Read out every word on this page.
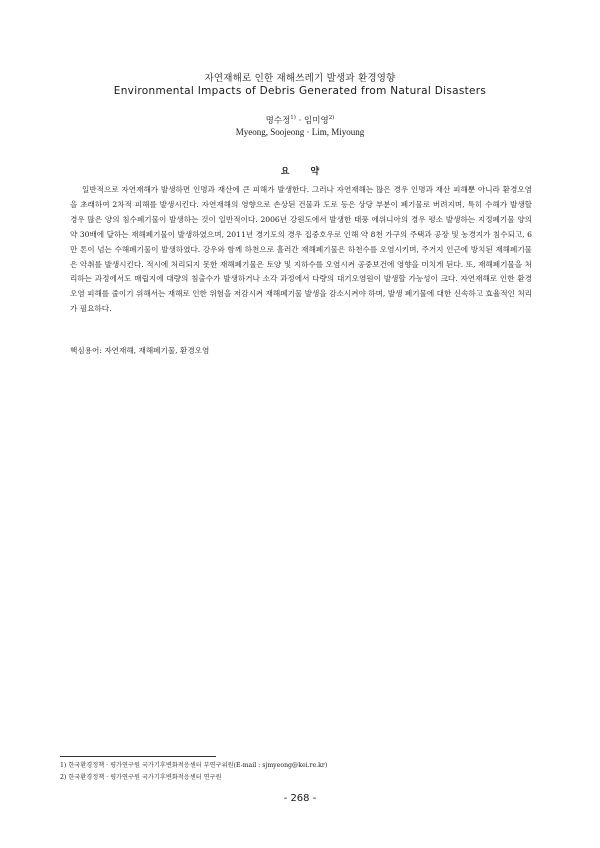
자연재해로 인한 재해쓰레기 발생과 환경영향
Environmental Impacts of Debris Generated from Natural Disasters
명수정$^{1)}$ · 임미영$^{2)}$
Myeong, Soojeong · Lim, Miyoung
요 약
일반적으로 자연재해가 발생하면 인명과 재산에 큰 피해가 발생한다. 그러나 자연재해는 많은 경우 인명과 재산 피해뿐 아니라 환경오염을 초래하여 2차적 피해를 발생시킨다. 자연재해의 영향으로 손상된 건물과 도로 등은 상당 부분이 폐기물로 버려지며, 특히 수해가 발생할 경우 많은 양의 침수폐기물이 발생하는 것이 일반적이다. 2006년 강원도에서 발생한 태풍 에위니아의 경우 평소 발생하는 지정폐기물 양의 약 30배에 달하는 재해폐기물이 발생하였으며, 2011년 경기도의 경우 집중호우로 인해 약 8천 가구의 주택과 공장 및 농경지가 침수되고, 6만 톤이 넘는 수해폐기물이 발생하였다. 강우와 함께 하천으로 흘러간 재해폐기물은 하천수를 오염시키며, 주거지 인근에 방치된 재해폐기물은 악취를 발생시킨다. 적시에 처리되지 못한 재해폐기물은 토양 및 지하수를 오염시켜 공중보건에 영향을 미치게 된다. 또, 재해폐기물을 처리하는 과정에서도 매립지에 대량의 침출수가 발생하거나 소각 과정에서 다량의 대기오염원이 발생할 가능성이 크다. 자연재해로 인한 환경오염 피해를 줄이기 위해서는 재해로 인한 위험을 저감시켜 재해폐기물 발생을 감소시켜야 하며, 발생 폐기물에 대한 신속하고 효율적인 처리가 필요하다.
핵심용어: 자연재해, 재해폐기물, 환경오염
1) 한국환경정책 · 평가연구원 국가기후변화적응센터 부연구위원(E-mail : sjmyeong@kei.re.kr)
2) 한국환경정책 · 평가연구원 국가기후변화적응센터 연구원
- 268 -
